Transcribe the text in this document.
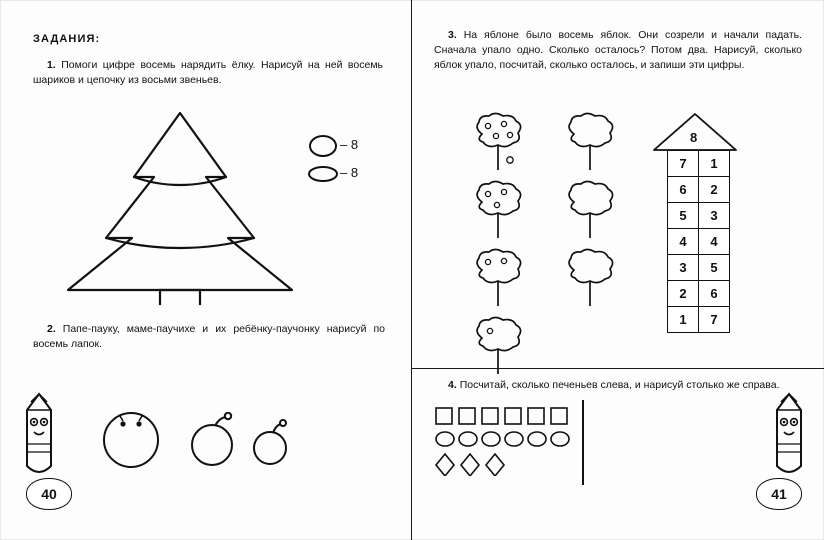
ЗАДАНИЯ:
1. Помоги цифре восемь нарядить ёлку. Нарисуй на ней восемь шариков и цепочку из восьми звеньев.
– 8
– 8
2. Папе-пауку, маме-паучихе и их ребёнку-паучонку нарисуй по восемь лапок.
40
3. На яблоне было восемь яблок. Они созрели и начали падать. Сначала упало одно. Сколько осталось? Потом два. Нарисуй, сколько яблок упало, посчитай, сколько осталось, и запиши эти цифры.
8
7	1
6	2
5	3
4	4
3	5
2	6
1	7
4. Посчитай, сколько печеньев слева, и нарисуй столько же справа.
41
